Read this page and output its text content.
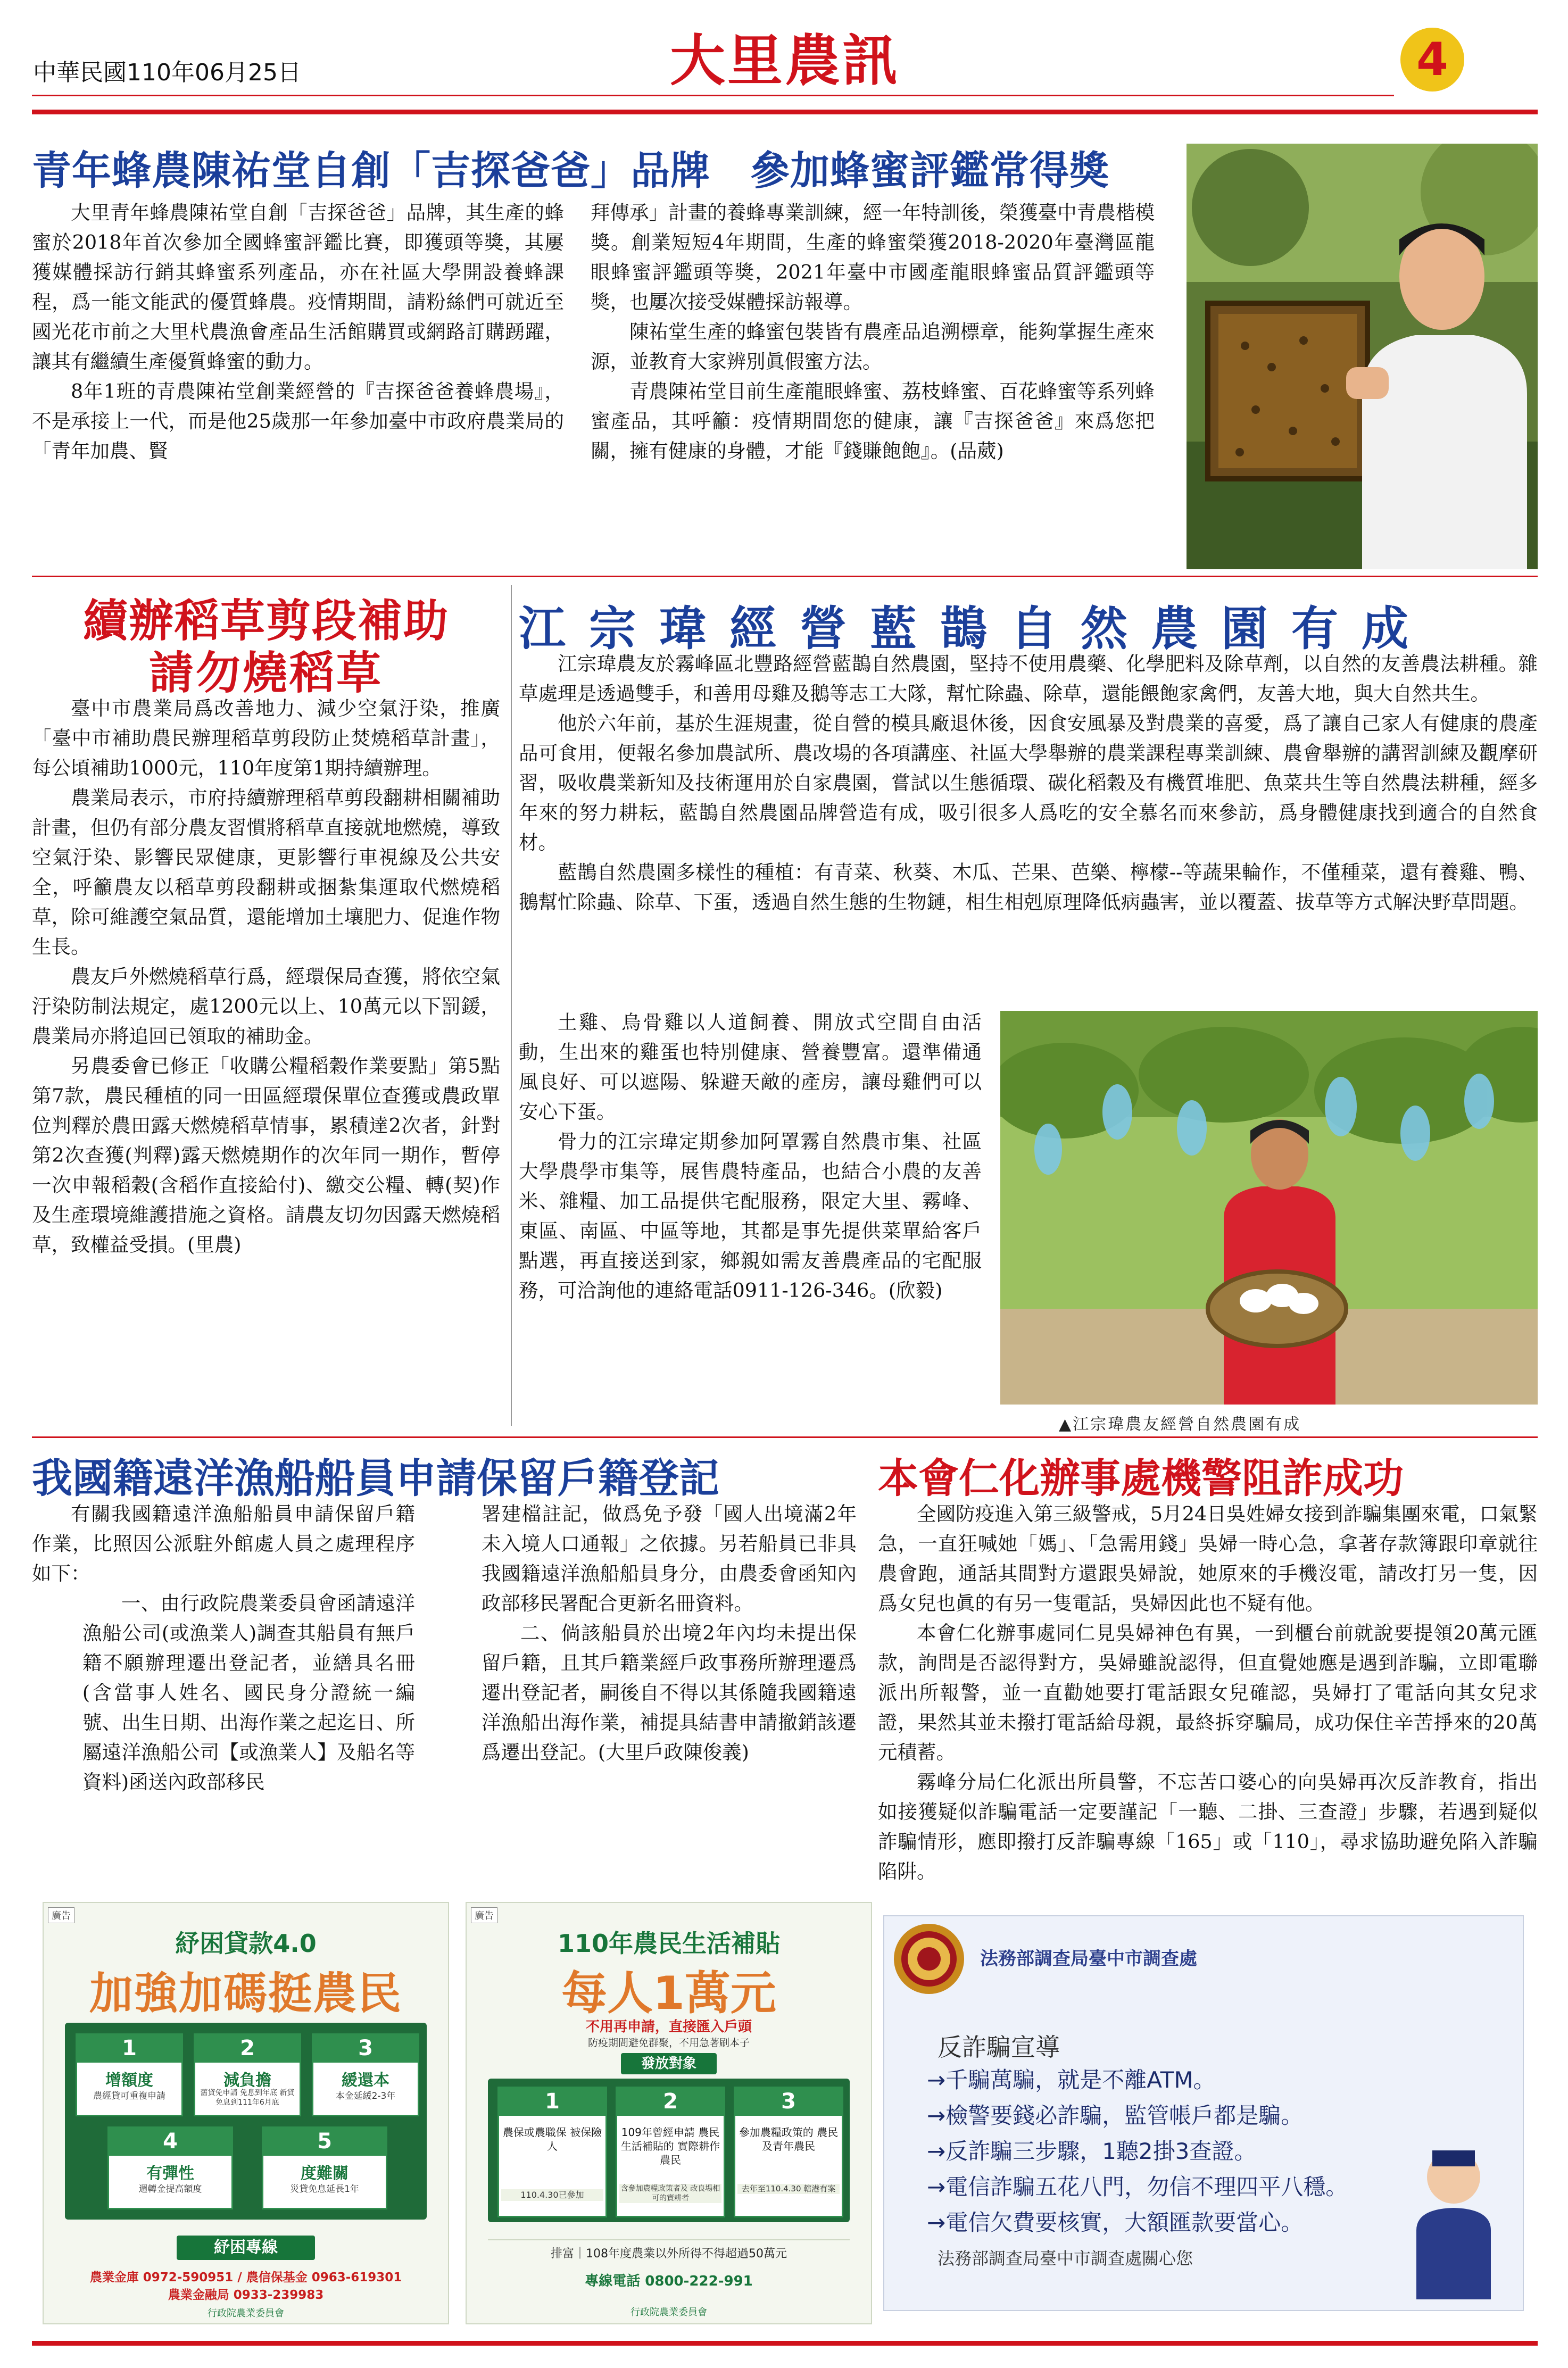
中華民國110年06月25日	大里農訊	4
青年蜂農陳祐堂自創「吉探爸爸」品牌　參加蜂蜜評鑑常得獎

大里青年蜂農陳祐堂自創「吉探爸爸」品牌，其生產的蜂蜜於2018年首次參加全國蜂蜜評鑑比賽，即獲頭等獎，其屢獲媒體採訪行銷其蜂蜜系列產品，亦在社區大學開設養蜂課程，爲一能文能武的優質蜂農。疫情期間，請粉絲們可就近至國光花市前之大里杙農漁會產品生活館購買或網路訂購踴躍，讓其有繼續生產優質蜂蜜的動力。

8年1班的青農陳祐堂創業經營的『吉探爸爸養蜂農場』，不是承接上一代，而是他25歲那一年參加臺中市政府農業局的「青年加農、賢

拜傳承」計畫的養蜂專業訓練，經一年特訓後，榮獲臺中青農楷模獎。創業短短4年期間，生產的蜂蜜榮獲2018-2020年臺灣區龍眼蜂蜜評鑑頭等獎，2021年臺中市國產龍眼蜂蜜品質評鑑頭等獎，也屢次接受媒體採訪報導。

陳祐堂生產的蜂蜜包裝皆有農產品追溯標章，能夠掌握生產來源，並教育大家辨別眞假蜜方法。

青農陳祐堂目前生產龍眼蜂蜜、荔枝蜂蜜、百花蜂蜜等系列蜂蜜產品，其呼籲：疫情期間您的健康，讓『吉探爸爸』來爲您把關，擁有健康的身體，才能『錢賺飽飽』。(品葳)

續辦稻草剪段補助
請勿燒稻草

臺中市農業局爲改善地力、減少空氣汙染，推廣「臺中市補助農民辦理稻草剪段防止焚燒稻草計畫」，每公頃補助1000元，110年度第1期持續辦理。

農業局表示，市府持續辦理稻草剪段翻耕相關補助計畫，但仍有部分農友習慣將稻草直接就地燃燒，導致空氣汙染、影響民眾健康，更影響行車視線及公共安全，呼籲農友以稻草剪段翻耕或捆紮集運取代燃燒稻草，除可維護空氣品質，還能增加土壤肥力、促進作物生長。

農友戶外燃燒稻草行爲，經環保局查獲，將依空氣汙染防制法規定，處1200元以上、10萬元以下罰鍰，農業局亦將追回已領取的補助金。

另農委會已修正「收購公糧稻穀作業要點」第5點第7款，農民種植的同一田區經環保單位查獲或農政單位判釋於農田露天燃燒稻草情事，累積達2次者，針對第2次查獲(判釋)露天燃燒期作的次年同一期作，暫停一次申報稻穀(含稻作直接給付)、繳交公糧、轉(契)作及生產環境維護措施之資格。請農友切勿因露天燃燒稻草，致權益受損。(里農)

江宗瑋經營藍鵲自然農園有成

江宗瑋農友於霧峰區北豐路經營藍鵲自然農園，堅持不使用農藥、化學肥料及除草劑，以自然的友善農法耕種。雜草處理是透過雙手，和善用母雞及鵝等志工大隊，幫忙除蟲、除草，還能餵飽家禽們，友善大地，與大自然共生。

他於六年前，基於生涯規畫，從自營的模具廠退休後，因食安風暴及對農業的喜愛，爲了讓自己家人有健康的農產品可食用，便報名參加農試所、農改場的各項講座、社區大學舉辦的農業課程專業訓練、農會舉辦的講習訓練及觀摩研習，吸收農業新知及技術運用於自家農園，嘗試以生態循環、碳化稻穀及有機質堆肥、魚菜共生等自然農法耕種，經多年來的努力耕耘，藍鵲自然農園品牌營造有成，吸引很多人爲吃的安全慕名而來參訪，爲身體健康找到適合的自然食材。

藍鵲自然農園多樣性的種植：有青菜、秋葵、木瓜、芒果、芭樂、檸檬--等蔬果輪作，不僅種菜，還有養雞、鴨、鵝幫忙除蟲、除草、下蛋，透過自然生態的生物鏈，相生相剋原理降低病蟲害，並以覆蓋、拔草等方式解決野草問題。

土雞、烏骨雞以人道飼養、開放式空間自由活動，生出來的雞蛋也特別健康、營養豐富。還準備通風良好、可以遮陽、躲避天敵的產房，讓母雞們可以安心下蛋。

骨力的江宗瑋定期參加阿罩霧自然農市集、社區大學農學市集等，展售農特產品，也結合小農的友善米、雜糧、加工品提供宅配服務，限定大里、霧峰、東區、南區、中區等地，其都是事先提供菜單給客戶點選，再直接送到家，鄉親如需友善農產品的宅配服務，可洽詢他的連絡電話0911-126-346。(欣毅)

▲江宗瑋農友經營自然農園有成
我國籍遠洋漁船船員申請保留戶籍登記

有關我國籍遠洋漁船船員申請保留戶籍作業，比照因公派駐外館處人員之處理程序如下：

一、由行政院農業委員會函請遠洋漁船公司(或漁業人)調查其船員有無戶籍不願辦理遷出登記者，並繕具名冊(含當事人姓名、國民身分證統一編號、出生日期、出海作業之起迄日、所屬遠洋漁船公司【或漁業人】及船名等資料)函送內政部移民

署建檔註記，做爲免予發「國人出境滿2年未入境人口通報」之依據。另若船員已非具我國籍遠洋漁船船員身分，由農委會函知內政部移民署配合更新名冊資料。

二、倘該船員於出境2年內均未提出保留戶籍，且其戶籍業經戶政事務所辦理遷爲遷出登記者，嗣後自不得以其係隨我國籍遠洋漁船出海作業，補提具結書申請撤銷該遷爲遷出登記。(大里戶政陳俊義)

本會仁化辦事處機警阻詐成功

全國防疫進入第三級警戒，5月24日吳姓婦女接到詐騙集團來電，口氣緊急，一直狂喊她「媽」、「急需用錢」吳婦一時心急，拿著存款簿跟印章就往農會跑，通話其間對方還跟吳婦說，她原來的手機沒電，請改打另一隻，因爲女兒也眞的有另一隻電話，吳婦因此也不疑有他。

本會仁化辦事處同仁見吳婦神色有異，一到櫃台前就說要提領20萬元匯款，詢問是否認得對方，吳婦雖說認得，但直覺她應是遇到詐騙，立即電聯派出所報警，並一直勸她要打電話跟女兒確認，吳婦打了電話向其女兒求證，果然其並未撥打電話給母親，最終拆穿騙局，成功保住辛苦掙來的20萬元積蓄。

霧峰分局仁化派出所員警，不忘苦口婆心的向吳婦再次反詐教育，指出如接獲疑似詐騙電話一定要謹記「一聽、二掛、三查證」步驟，若遇到疑似詐騙情形，應即撥打反詐騙專線「165」或「110」，尋求協助避免陷入詐騙陷阱。

廣告
紓困貸款4.0
加強加碼挺農民
1
增額度
農經貸可重複申請
2
減負擔
舊貸免申請 免息到年底 新貸免息到111年6月底
3
緩還本
本金延緩2-3年
4
有彈性
週轉金提高額度
5
度難關
災貸免息延長1年
紓困專線
農業金庫 0972-590951 / 農信保基金 0963-619301
農業金融局 0933-239983
行政院農業委員會
廣告
110年農民生活補貼
每人1萬元
不用再申請，直接匯入戶頭
防疫期間避免群聚，不用急著刷本子
發放對象
1
農保或農職保 被保險人
110.4.30已參加
2
109年曾經申請 農民生活補貼的 實際耕作農民
含參加農糧政策者及 改良場相可的實耕者
3
參加農糧政策的 農民及青年農民
去年至110.4.30 轄港有案
排富｜108年度農業以外所得不得超過50萬元
專線電話 0800-222-991
行政院農業委員會
法務部調查局臺中市調查處
反詐騙宣導
→千騙萬騙，就是不離ATM。
→檢警要錢必詐騙，監管帳戶都是騙。
→反詐騙三步驟，1聽2掛3查證。
→電信詐騙五花八門，勿信不理四平八穩。
→電信欠費要核實，大額匯款要當心。
法務部調查局臺中市調查處關心您
